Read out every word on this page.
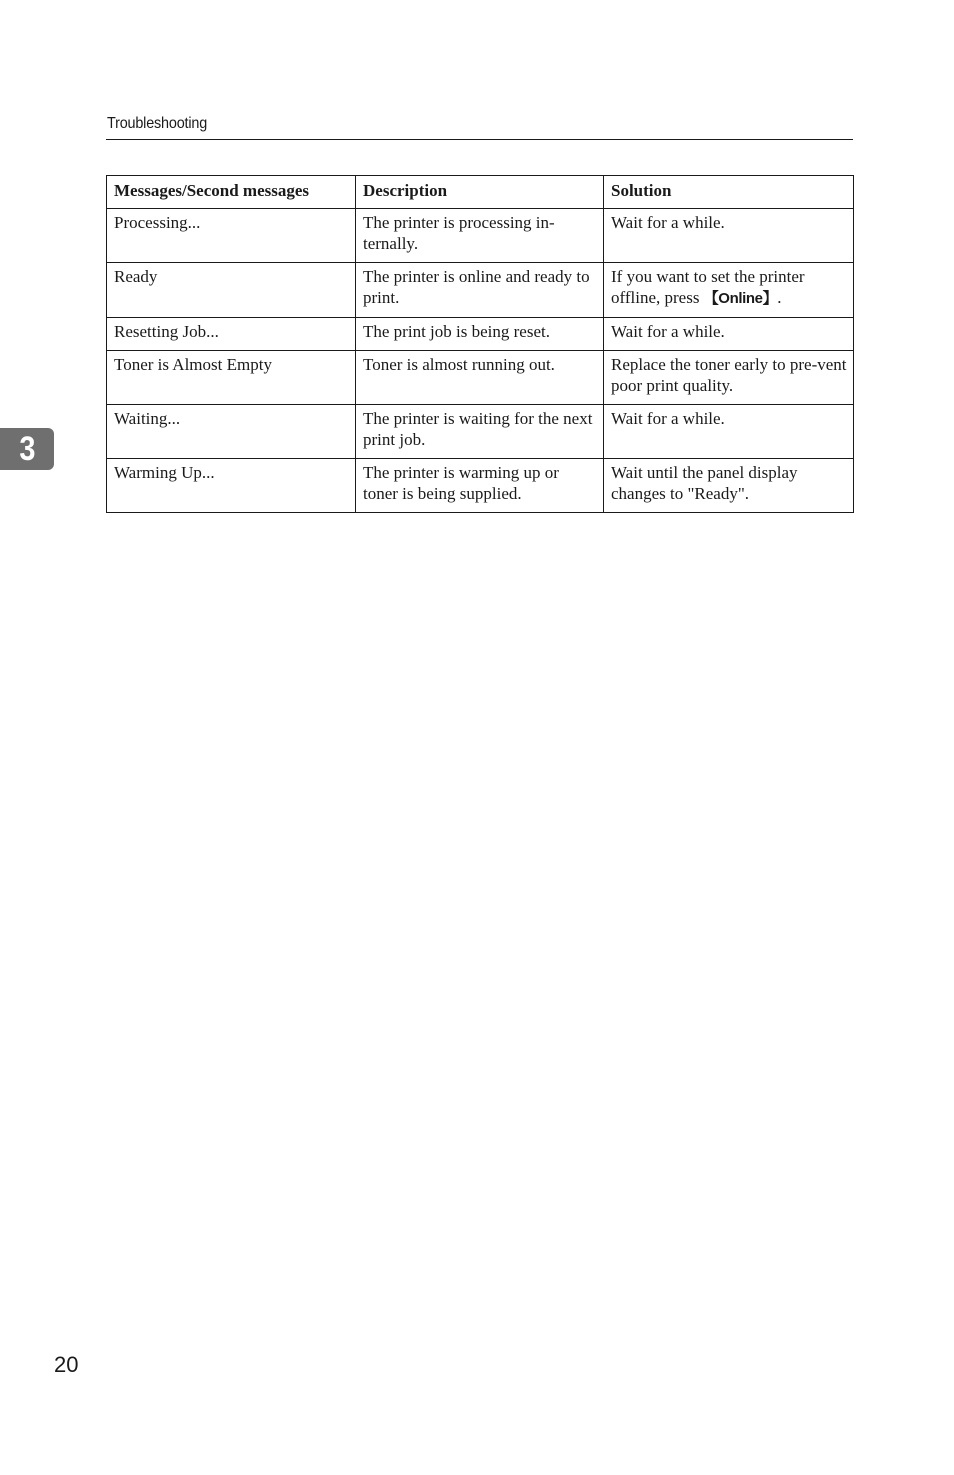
Troubleshooting
Messages/Second messages	Description	Solution
Processing...	The printer is processing in-ternally.	Wait for a while.
Ready	The printer is online and ready to print.	If you want to set the printer offline, press 【Online】.
Resetting Job...	The print job is being reset.	Wait for a while.
Toner is Almost Empty	Toner is almost running out.	Replace the toner early to pre-vent poor print quality.
Waiting...	The printer is waiting for the next print job.	Wait for a while.
Warming Up...	The printer is warming up or toner is being supplied.	Wait until the panel display changes to "Ready".
3
20
